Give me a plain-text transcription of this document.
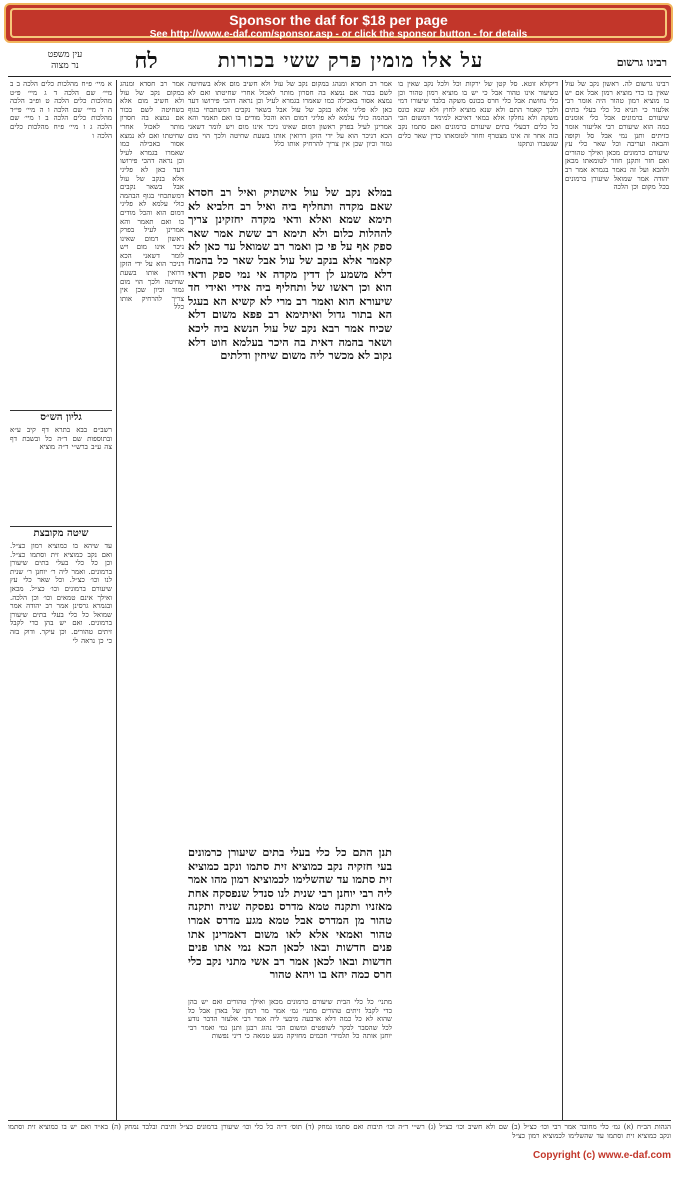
Sponsor the daf for $18 per page
See http://www.e-daf.com/sponsor.asp - or click the sponsor button - for details
רבינו גרשום
על אלו מומין פרק ששי בכורות
לח
עין משפט
נר מצוה
רבינו גרשום לה. ראשון נקב של עול שאין בו כדי מוציא רמון אבל אם יש בו מוציא רמון טהור היה אומר רבי אלעזר כי תניא כל כלי בעלי בתים שיעורם ברמונים אבל כלי אומנים כמה הוא שיעורם רבי אליעזר אומר כזיתים ותנן נמי אבל סל וקופה והבאה ועריבה וכל שאר כלי עץ שיעורם כרמונים מכאן ואילך טהורים ואם חזר ותקנן חוזר לטומאתו מכאן ולהבא ועל זה נאמר בגמרא אמר רב יהודה אמר שמואל שיעורן ברמונים בכל מקום וכן הלכה
דיקולא זוטא. סל קטן של ירקות וכל ולכל נקב שאין בו כשיעור אינו טהור אבל כי יש בו מוציא רמון טהור וכן כלי נחושת אבל כלי חרס בכונס משקה בלבד שיעורו דמי ולכך קאמר התם ולא שנא מוציא לחוץ ולא שנא כונס משקה ולא נחלקו אלא במאי דאיכא למימר דמשום הכי כל כלים דבעלי בתים שיעורם כרמונים ואם סתמו נקב בזה אחר זה אינו מצטרף וחוזר לטומאתו כדין שאר כלים שנשברו ונתקנו
במלא נקב של עול אישתיק ואיל רב חסדא שאם מקדה ותחליף ביה ואיל רב חלביא לא תימא שמא ואלא ודאי מקדה יחזקינן צריך לההלות כלום ולא תימא רב ששת אמר שאר ספק אף על פי כן ואמר רב שמואל עד כאן לא קאמר אלא בנקב של עול אבל שאר כל בהמה דלא משמע לן דדין מקדה אי נמי ספק ודאי הוא וכן ראשו של ותחליף ביה אידי ואידי חד שיעורא הוא ואמר רב מרי לא קשיא הא בעגל הא בתור גדול ואיתימא רב פפא משום דלא שכיח אמר רבא נקב של עול הנשא ביה ליכא ושאר בהמה דאית בה היכר בעלמא חוט דלא נקוב לא מכשר ליה משום שיחין ודלתים
תנן התם כל כלי בעלי בתים שיעורן כרמונים בעי חזקיה נקב כמוציא זית סתמו ונקב כמוציא זית סתמו עד שהשלימו לכמוציא רמון מהו אמר ליה רבי יוחנן רבי שנית לנו סנדל שנפסקה אחת מאזניו ותקנה טמא מדרס נפסקה שניה ותקנה טהור מן המדרס אבל טמא מגע מדרס אמרו טהור ואמאי אלא לאו משום דאמרינן אתו פנים חדשות ובאו לכאן הכא נמי אתו פנים חדשות ובאו לכאן אמר רב אשי מתני נקב כלי חרס כמה יהא בו ויהא טהור
אמר רב חסדא ומנהג במקום נקב של עול ולא חשיב מום אלא בשחיטה לשם בכור אם נמצא בה חסרון מותר לאכול אחרי שחיטתו ואם לא נמצא אסור באכילה כמו שאמרו בגמרא לעיל וכן נראה דהכי פירושו דעד כאן לא פליגי אלא בנקב של עול אבל בשאר נקבים דמשתכחי בגוף הבהמה כולי עלמא לא פליגי דמום הוא והכל מודים בו ואם תאמר והא אמרינן לעיל בפרק ראשון דמום שאינו ניכר אינו מום ויש לומר דשאני הכא דניכר הוא על ידי הזקן דרואין אותו בשעת שחיטה ולכך הוי מום גמור וכיון שכן אין צריך להרחיק אותו כלל
מתני׳ כל כלי הבית שיעורם כרמונים מכאן ואילך טהורים ואם יש בהן כדי לקבל זיתים טהורים מתני׳ גמ׳ אמר מר רמון של באדן אבל כל שהוא לא כל כמה דלא ארבעה מיבעי ליה אמר רבי אלעזר הדבר נודע לכל שהסבר לבקר לשופטים ומשום הכי נהוג רבנן ותנן נמי ואמר רבי יוחנן אותה כל תלמידי חכמים מחזיקה מגע טמאה כי דיני נפשות
אמר רב חסדא ומנהג במקום נקב של עול ולא חשיב מום אלא בשחיטה לשם בכור אם נמצא בה חסרון מותר לאכול אחרי שחיטתו ואם לא נמצא אסור באכילה כמו שאמרו בגמרא לעיל וכן נראה דהכי פירושו דעד כאן לא פליגי אלא בנקב של עול אבל בשאר נקבים דמשתכחי בגוף הבהמה כולי עלמא לא פליגי דמום הוא והכל מודים בו ואם תאמר והא אמרינן לעיל בפרק ראשון דמום שאינו ניכר אינו מום ויש לומר דשאני הכא דניכר הוא על ידי הזקן דרואין אותו בשעת שחיטה ולכך הוי מום גמור וכיון שכן אין צריך להרחיק אותו כלל
א מיי׳ פ״ח מהלכות כלים הלכה ב ב מיי׳ שם הלכה ד ג מיי׳ פ״ט מהלכות כלים הלכה ט ופ״ב הלכה ה ד מיי׳ שם הלכה ו ה מיי׳ פי״ד מהלכות כלים הלכה ב ו מיי׳ שם הלכה ג ז מיי׳ פ״ח מהלכות כלים הלכה ו
גליון הש״ס
רשב״ם בבא בתרא דף קיב ע״א ובתוספות שם ד״ה כל ובשבת דף צה ע״ב ברש״י ד״ה מוציא
שיטה מקובצת
עד שיהא בו כמוציא רמון כצ״ל. ואם נקב כמוציא זית וסתמו כצ״ל. וכן כל כלי בעלי בתים שיעורן ברמונים. ואמר ליה ר׳ יוחנן ר׳ שנית לנו וכו׳ כצ״ל. וכל שאר כלי עץ שיעורם ברמונים וכו׳ כצ״ל. מכאן ואילך אינם טמאים וכו׳ וכן הלכה. ובגמרא גרסינן אמר רב יהודה אמר שמואל כל כלי בעלי בתים שיעורן ברמונים. ואם יש בהן כדי לקבל זיתים טהורים. וכן עיקר. ודוק בזה כי כן נראה לי
הגהות הב״ח (א) גמ׳ כלי מחובר אמר רבי וכו׳ כצ״ל (ב) שם ולא חשיב וכו׳ כצ״ל (ג) רש״י ד״ה וכו׳ תיבות ואם סתמו נמחק (ד) תוס׳ ד״ה כל כלי וכו׳ שיעורן ברמונים כצ״ל ותיבת ובלבד נמחק (ה) בא״ד ואם יש בו כמוציא זית וסתמו ונקב כמוציא זית וסתמו עד שהשלימו לכמוציא רמון כצ״ל
Copyright (c) www.e-daf.com
